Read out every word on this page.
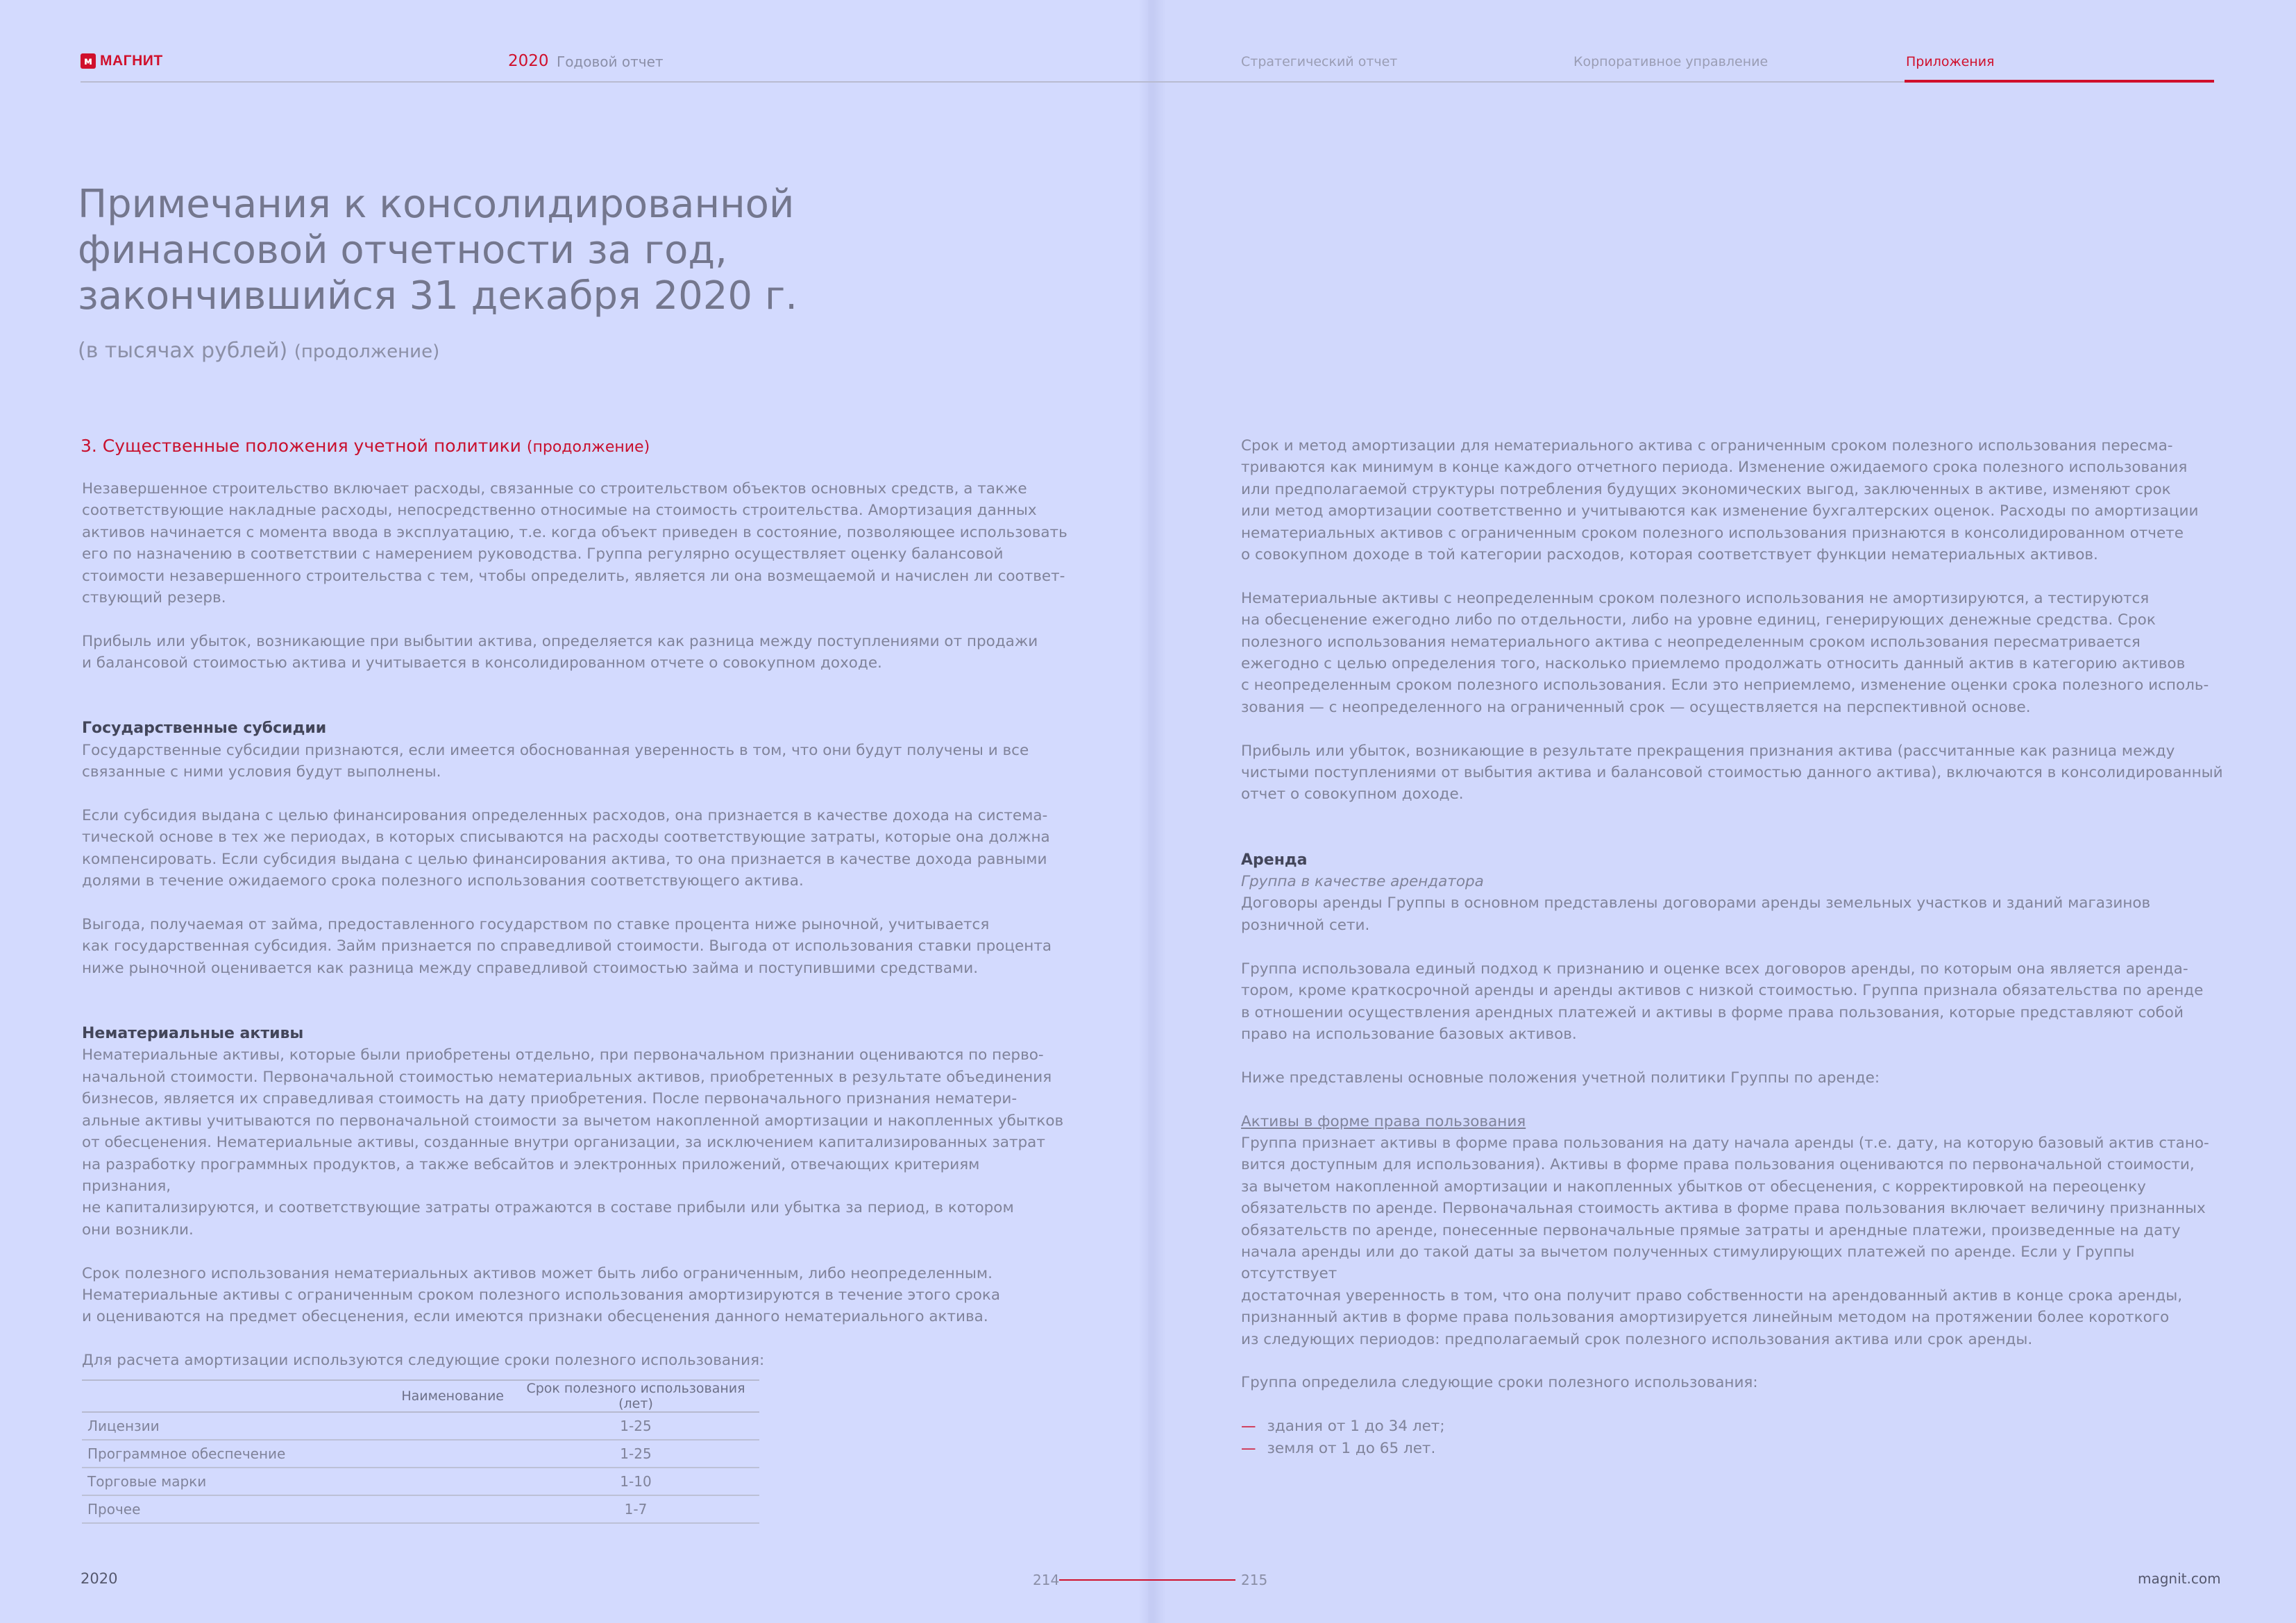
м МАГНИТ	2020 Годовой отчет	Стратегический отчет	Корпоративное управление	Приложения
Примечания к консолидированной
финансовой отчетности за год,
закончившийся 31 декабря 2020 г.
(в тысячах рублей) (продолжение)
3. Существенные положения учетной политики (продолжение)

Незавершенное строительство включает расходы, связанные со строительством объектов основных средств, а также
соответствующие накладные расходы, непосредственно относимые на стоимость строительства. Амортизация данных
активов начинается с момента ввода в эксплуатацию, т.е. когда объект приведен в состояние, позволяющее использовать
его по назначению в соответствии с намерением руководства. Группа регулярно осуществляет оценку балансовой
стоимости незавершенного строительства с тем, чтобы определить, является ли она возмещаемой и начислен ли соответ-
ствующий резерв.

Прибыль или убыток, возникающие при выбытии актива, определяется как разница между поступлениями от продажи
и балансовой стоимостью актива и учитывается в консолидированном отчете о совокупном доходе.

Государственные субсидии

Государственные субсидии признаются, если имеется обоснованная уверенность в том, что они будут получены и все
связанные с ними условия будут выполнены.

Если субсидия выдана с целью финансирования определенных расходов, она признается в качестве дохода на система-
тической основе в тех же периодах, в которых списываются на расходы соответствующие затраты, которые она должна
компенсировать. Если субсидия выдана с целью финансирования актива, то она признается в качестве дохода равными
долями в течение ожидаемого срока полезного использования соответствующего актива.

Выгода, получаемая от займа, предоставленного государством по ставке процента ниже рыночной, учитывается
как государственная субсидия. Займ признается по справедливой стоимости. Выгода от использования ставки процента
ниже рыночной оценивается как разница между справедливой стоимостью займа и поступившими средствами.

Нематериальные активы

Нематериальные активы, которые были приобретены отдельно, при первоначальном признании оцениваются по перво-
начальной стоимости. Первоначальной стоимостью нематериальных активов, приобретенных в результате объединения
бизнесов, является их справедливая стоимость на дату приобретения. После первоначального признания нематери-
альные активы учитываются по первоначальной стоимости за вычетом накопленной амортизации и накопленных убытков
от обесценения. Нематериальные активы, созданные внутри организации, за исключением капитализированных затрат
на разработку программных продуктов, а также вебсайтов и электронных приложений, отвечающих критериям признания,
не капитализируются, и соответствующие затраты отражаются в составе прибыли или убытка за период, в котором
они возникли.

Срок полезного использования нематериальных активов может быть либо ограниченным, либо неопределенным.
Нематериальные активы с ограниченным сроком полезного использования амортизируются в течение этого срока
и оцениваются на предмет обесценения, если имеются признаки обесценения данного нематериального актива.

Для расчета амортизации используются следующие сроки полезного использования:

Наименование	Срок полезного использования (лет)
Лицензии	1-25
Программное обеспечение	1-25
Торговые марки	1-10
Прочее	1-7

Срок и метод амортизации для нематериального актива с ограниченным сроком полезного использования пересма-
триваются как минимум в конце каждого отчетного периода. Изменение ожидаемого срока полезного использования
или предполагаемой структуры потребления будущих экономических выгод, заключенных в активе, изменяют срок
или метод амортизации соответственно и учитываются как изменение бухгалтерских оценок. Расходы по амортизации
нематериальных активов с ограниченным сроком полезного использования признаются в консолидированном отчете
о совокупном доходе в той категории расходов, которая соответствует функции нематериальных активов.

Нематериальные активы с неопределенным сроком полезного использования не амортизируются, а тестируются
на обесценение ежегодно либо по отдельности, либо на уровне единиц, генерирующих денежные средства. Срок
полезного использования нематериального актива с неопределенным сроком использования пересматривается
ежегодно с целью определения того, насколько приемлемо продолжать относить данный актив в категорию активов
с неопределенным сроком полезного использования. Если это неприемлемо, изменение оценки срока полезного исполь-
зования — с неопределенного на ограниченный срок — осуществляется на перспективной основе.

Прибыль или убыток, возникающие в результате прекращения признания актива (рассчитанные как разница между
чистыми поступлениями от выбытия актива и балансовой стоимостью данного актива), включаются в консолидированный
отчет о совокупном доходе.

Аренда

Группа в качестве арендатора

Договоры аренды Группы в основном представлены договорами аренды земельных участков и зданий магазинов
розничной сети.

Группа использовала единый подход к признанию и оценке всех договоров аренды, по которым она является арендa-
тором, кроме краткосрочной аренды и аренды активов с низкой стоимостью. Группа признала обязательства по аренде
в отношении осуществления арендных платежей и активы в форме права пользования, которые представляют собой
право на использование базовых активов.

Ниже представлены основные положения учетной политики Группы по аренде:

Активы в форме права пользования

Группа признает активы в форме права пользования на дату начала аренды (т.е. дату, на которую базовый актив стано-
вится доступным для использования). Активы в форме права пользования оцениваются по первоначальной стоимости,
за вычетом накопленной амортизации и накопленных убытков от обесценения, с корректировкой на переоценку
обязательств по аренде. Первоначальная стоимость актива в форме права пользования включает величину признанных
обязательств по аренде, понесенные первоначальные прямые затраты и арендные платежи, произведенные на дату
начала аренды или до такой даты за вычетом полученных стимулирующих платежей по аренде. Если у Группы отсутствует
достаточная уверенность в том, что она получит право собственности на арендованный актив в конце срока аренды,
признанный актив в форме права пользования амортизируется линейным методом на протяжении более короткого
из следующих периодов: предполагаемый срок полезного использования актива или срок аренды.

Группа определила следующие сроки полезного использования:

— здания от 1 до 34 лет;
— земля от 1 до 65 лет.
2020	214	215	magnit.com
